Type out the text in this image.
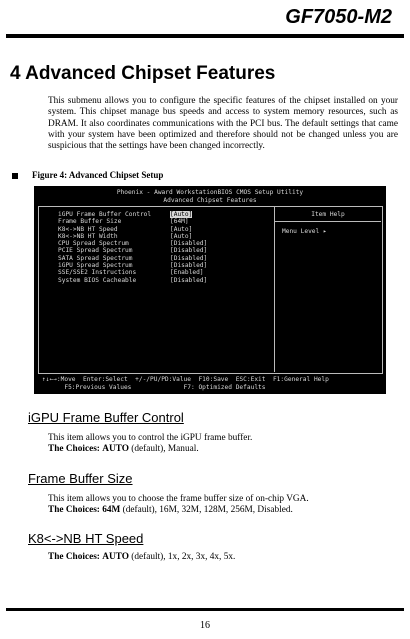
GF7050-M2
4 Advanced Chipset Features
This submenu allows you to configure the specific features of the chipset installed on your system. This chipset manage bus speeds and access to system memory resources, such as DRAM. It also coordinates communications with the PCI bus. The default settings that came with your system have been optimized and therefore should not be changed unless you are suspicious that the settings have been changed incorrectly.
Figure 4: Advanced Chipset Setup
Phoenix - Award WorkstationBIOS CMOS Setup Utility
Advanced Chipset Features
Item Help
Menu Level ▸
iGPU Frame Buffer Control	[Auto]
Frame Buffer Size	[64M]
K8<->NB HT Speed	[Auto]
K8<->NB HT Width	[Auto]
CPU Spread Spectrum	[Disabled]
PCIE Spread Spectrum	[Disabled]
SATA Spread Spectrum	[Disabled]
iGPU Spread Spectrum	[Disabled]
SSE/SSE2 Instructions	[Enabled]
System BIOS Cacheable	[Disabled]
↑↓←→:Move  Enter:Select  +/-/PU/PD:Value  F10:Save  ESC:Exit  F1:General Help
F5:Previous Values              F7: Optimized Defaults
iGPU Frame Buffer Control
This item allows you to control the iGPU frame buffer.
The Choices: AUTO (default), Manual.
Frame Buffer Size
This item allows you to choose the frame buffer size of on-chip VGA.
The Choices: 64M (default), 16M, 32M, 128M, 256M, Disabled.
K8<->NB HT Speed
The Choices: AUTO (default), 1x, 2x, 3x, 4x, 5x.
16
